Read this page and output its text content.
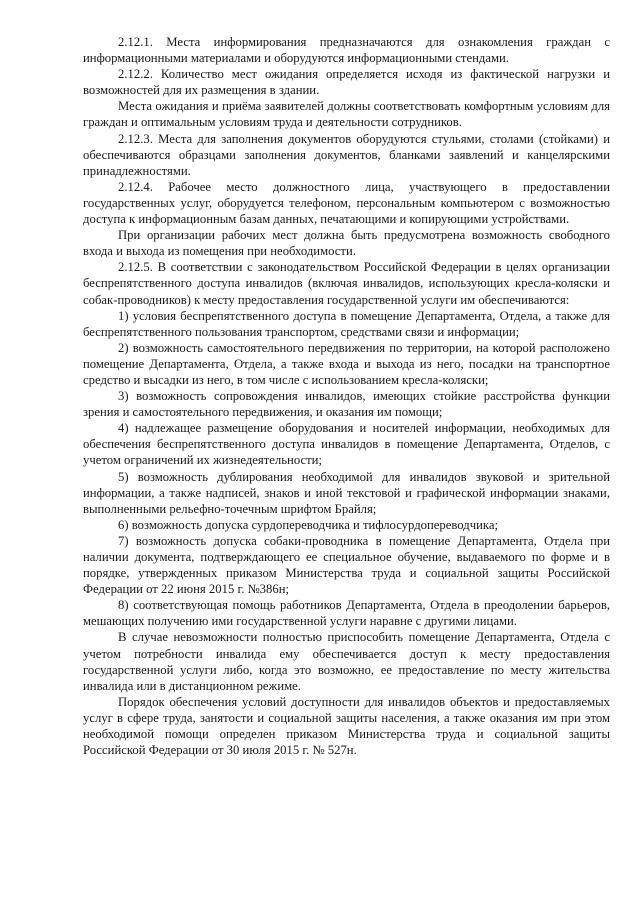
2.12.1. Места информирования предназначаются для ознакомления граждан с информационными материалами и оборудуются информационными стендами.

2.12.2. Количество мест ожидания определяется исходя из фактической нагрузки и возможностей для их размещения в здании.

Места ожидания и приёма заявителей должны соответствовать комфортным условиям для граждан и оптимальным условиям труда и деятельности сотрудников.

2.12.3. Места для заполнения документов оборудуются стульями, столами (стойками) и обеспечиваются образцами заполнения документов, бланками заявлений и канцелярскими принадлежностями.

2.12.4. Рабочее место должностного лица, участвующего в предоставлении государственных услуг, оборудуется телефоном, персональным компьютером с возможностью доступа к информационным базам данных, печатающими и копирующими устройствами.

При организации рабочих мест должна быть предусмотрена возможность свободного входа и выхода из помещения при необходимости.

2.12.5. В соответствии с законодательством Российской Федерации в целях организации беспрепятственного доступа инвалидов (включая инвалидов, использующих кресла-коляски и собак-проводников) к месту предоставления государственной услуги им обеспечиваются:

1) условия беспрепятственного доступа в помещение Департамента, Отдела, а также для беспрепятственного пользования транспортом, средствами связи и информации;

2) возможность самостоятельного передвижения по территории, на которой расположено помещение Департамента, Отдела, а также входа и выхода из него, посадки на транспортное средство и высадки из него, в том числе с использованием кресла-коляски;

3) возможность сопровождения инвалидов, имеющих стойкие расстройства функции зрения и самостоятельного передвижения, и оказания им помощи;

4) надлежащее размещение оборудования и носителей информации, необходимых для обеспечения беспрепятственного доступа инвалидов в помещение Департамента, Отделов, с учетом ограничений их жизнедеятельности;

5) возможность дублирования необходимой для инвалидов звуковой и зрительной информации, а также надписей, знаков и иной текстовой и графической информации знаками, выполненными рельефно-точечным шрифтом Брайля;

6) возможность допуска сурдопереводчика и тифлосурдопереводчика;

7) возможность допуска собаки-проводника в помещение Департамента, Отдела при наличии документа, подтверждающего ее специальное обучение, выдаваемого по форме и в порядке, утвержденных приказом Министерства труда и социальной защиты Российской Федерации от 22 июня 2015 г. №386н;

8) соответствующая помощь работников Департамента, Отдела в преодолении барьеров, мешающих получению ими государственной услуги наравне с другими лицами.

В случае невозможности полностью приспособить помещение Департамента, Отдела с учетом потребности инвалида ему обеспечивается доступ к месту предоставления государственной услуги либо, когда это возможно, ее предоставление по месту жительства инвалида или в дистанционном режиме.

Порядок обеспечения условий доступности для инвалидов объектов и предоставляемых услуг в сфере труда, занятости и социальной защиты населения, а также оказания им при этом необходимой помощи определен приказом Министерства труда и социальной защиты Российской Федерации от 30 июля 2015 г. № 527н.
